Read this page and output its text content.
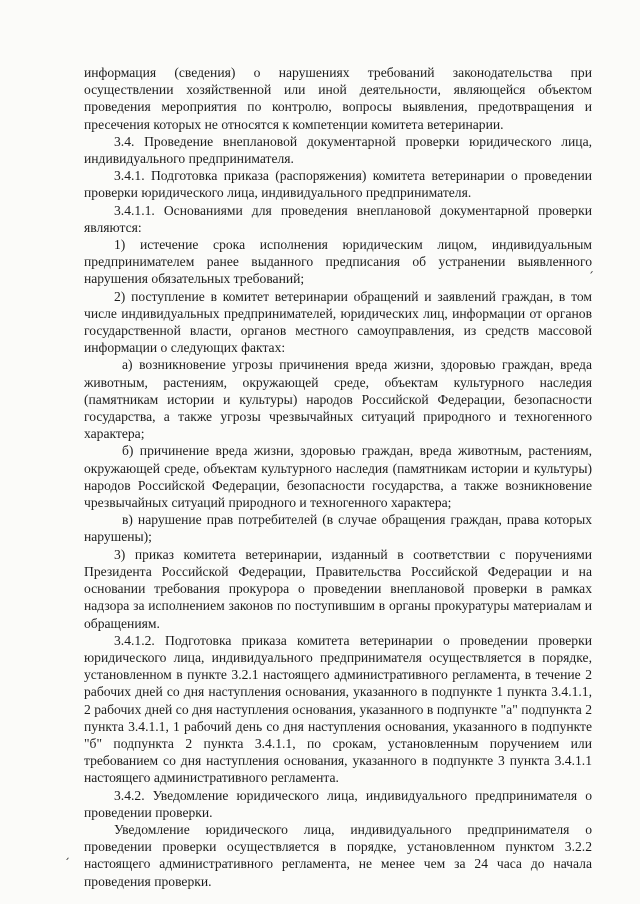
информация (сведения) о нарушениях требований законодательства при осуществлении хозяйственной или иной деятельности, являющейся объектом проведения мероприятия по контролю, вопросы выявления, предотвращения и пресечения которых не относятся к компетенции комитета ветеринарии.

3.4. Проведение внеплановой документарной проверки юридического лица, индивидуального предпринимателя.

3.4.1. Подготовка приказа (распоряжения) комитета ветеринарии о проведении проверки юридического лица, индивидуального предпринимателя.

3.4.1.1. Основаниями для проведения внеплановой документарной проверки являются:

1) истечение срока исполнения юридическим лицом, индивидуальным предпринимателем ранее выданного предписания об устранении выявленного нарушения обязательных требований;

2) поступление в комитет ветеринарии обращений и заявлений граждан, в том числе индивидуальных предпринимателей, юридических лиц, информации от органов государственной власти, органов местного самоуправления, из средств массовой информации о следующих фактах:

а) возникновение угрозы причинения вреда жизни, здоровью граждан, вреда животным, растениям, окружающей среде, объектам культурного наследия (памятникам истории и культуры) народов Российской Федерации, безопасности государства, а также угрозы чрезвычайных ситуаций природного и техногенного характера;

б) причинение вреда жизни, здоровью граждан, вреда животным, растениям, окружающей среде, объектам культурного наследия (памятникам истории и культуры) народов Российской Федерации, безопасности государства, а также возникновение чрезвычайных ситуаций природного и техногенного характера;

в) нарушение прав потребителей (в случае обращения граждан, права которых нарушены);

3) приказ комитета ветеринарии, изданный в соответствии с поручениями Президента Российской Федерации, Правительства Российской Федерации и на основании требования прокурора о проведении внеплановой проверки в рамках надзора за исполнением законов по поступившим в органы прокуратуры материалам и обращениям.

3.4.1.2. Подготовка приказа комитета ветеринарии о проведении проверки юридического лица, индивидуального предпринимателя осуществляется в порядке, установленном в пункте 3.2.1 настоящего административного регламента, в течение 2 рабочих дней со дня наступления основания, указанного в подпункте 1 пункта 3.4.1.1, 2 рабочих дней со дня наступления основания, указанного в подпункте "а" подпункта 2 пункта 3.4.1.1, 1 рабочий день со дня наступления основания, указанного в подпункте "б" подпункта 2 пункта 3.4.1.1, по срокам, установленным поручением или требованием со дня наступления основания, указанного в подпункте 3 пункта 3.4.1.1 настоящего административного регламента.

3.4.2. Уведомление юридического лица, индивидуального предпринимателя о проведении проверки.

Уведомление юридического лица, индивидуального предпринимателя о проведении проверки осуществляется в порядке, установленном пунктом 3.2.2 настоящего административного регламента, не менее чем за 24 часа до начала проведения проверки.

ˊ
ˏ
